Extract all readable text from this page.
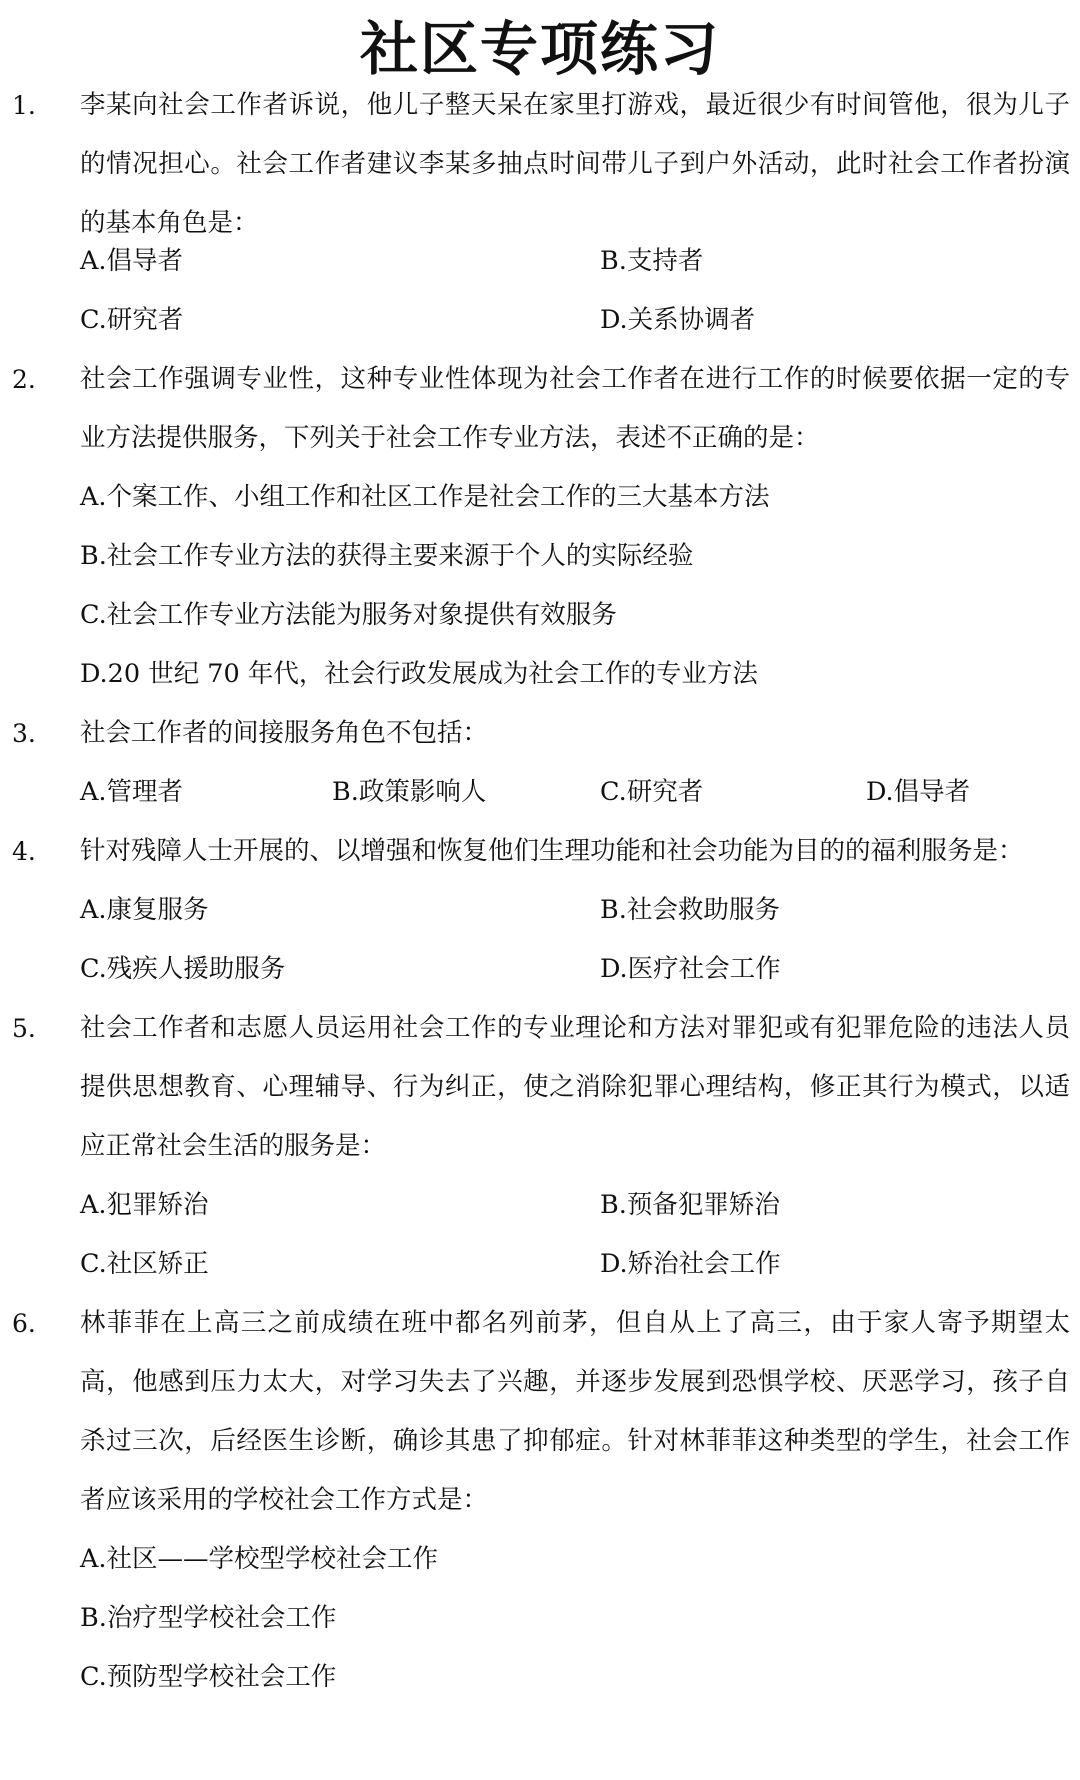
社区专项练习
1. 李某向社会工作者诉说，他儿子整天呆在家里打游戏，最近很少有时间管他，很为儿子的情况担心。社会工作者建议李某多抽点时间带儿子到户外活动，此时社会工作者扮演的基本角色是：
A.倡导者	B.支持者
C.研究者	D.关系协调者
2. 社会工作强调专业性，这种专业性体现为社会工作者在进行工作的时候要依据一定的专业方法提供服务，下列关于社会工作专业方法，表述不正确的是：
A.个案工作、小组工作和社区工作是社会工作的三大基本方法
B.社会工作专业方法的获得主要来源于个人的实际经验
C.社会工作专业方法能为服务对象提供有效服务
D.20 世纪 70 年代，社会行政发展成为社会工作的专业方法
3. 社会工作者的间接服务角色不包括：
A.管理者	B.政策影响人	C.研究者	D.倡导者
4. 针对残障人士开展的、以增强和恢复他们生理功能和社会功能为目的的福利服务是：
A.康复服务	B.社会救助服务
C.残疾人援助服务	D.医疗社会工作
5. 社会工作者和志愿人员运用社会工作的专业理论和方法对罪犯或有犯罪危险的违法人员提供思想教育、心理辅导、行为纠正，使之消除犯罪心理结构，修正其行为模式，以适应正常社会生活的服务是：
A.犯罪矫治	B.预备犯罪矫治
C.社区矫正	D.矫治社会工作
6. 林菲菲在上高三之前成绩在班中都名列前茅，但自从上了高三，由于家人寄予期望太高，他感到压力太大，对学习失去了兴趣，并逐步发展到恐惧学校、厌恶学习，孩子自杀过三次，后经医生诊断，确诊其患了抑郁症。针对林菲菲这种类型的学生，社会工作者应该采用的学校社会工作方式是：
A.社区——学校型学校社会工作
B.治疗型学校社会工作
C.预防型学校社会工作
